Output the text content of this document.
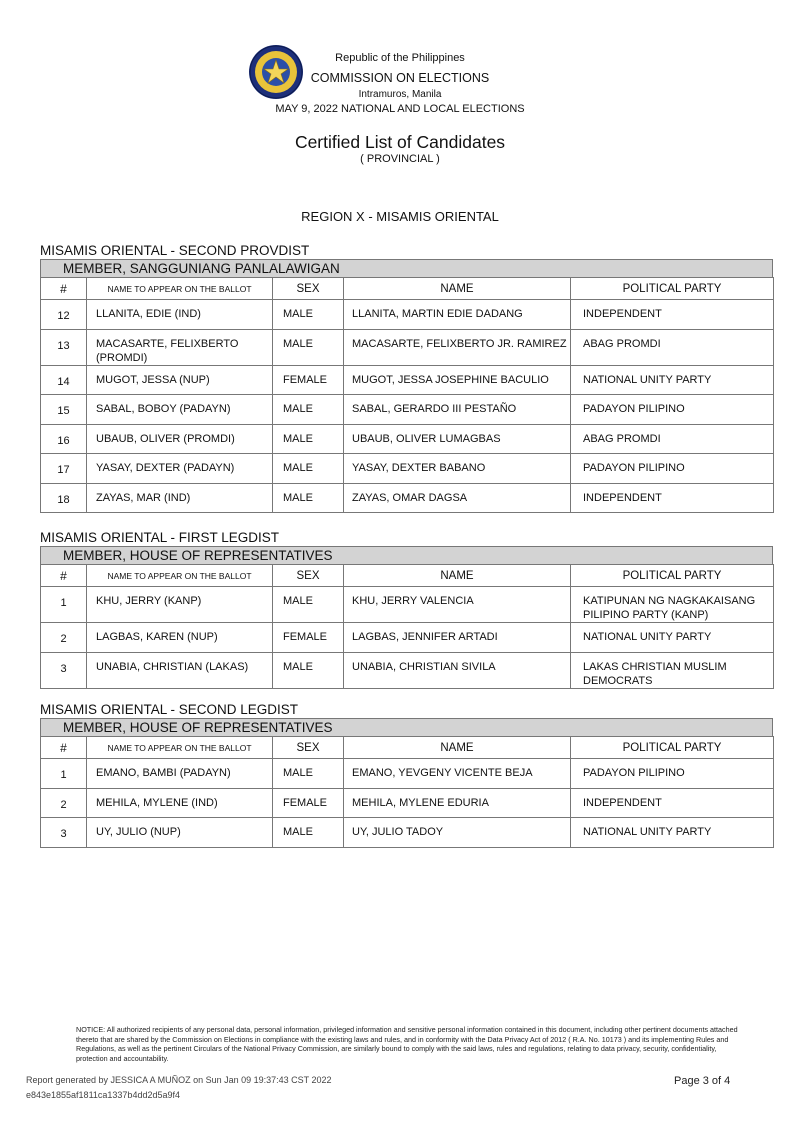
Republic of the Philippines
COMMISSION ON ELECTIONS
Intramuros, Manila
MAY 9, 2022 NATIONAL AND LOCAL ELECTIONS
Certified List of Candidates
( PROVINCIAL )
REGION X - MISAMIS ORIENTAL
MISAMIS ORIENTAL - SECOND PROVDIST
MEMBER, SANGGUNIANG PANLALAWIGAN
#	NAME TO APPEAR ON THE BALLOT	SEX	NAME	POLITICAL PARTY
12	LLANITA, EDIE (IND)	MALE	LLANITA, MARTIN EDIE DADANG	INDEPENDENT
13	MACASARTE, FELIXBERTO (PROMDI)	MALE	MACASARTE, FELIXBERTO JR. RAMIREZ	ABAG PROMDI
14	MUGOT, JESSA (NUP)	FEMALE	MUGOT, JESSA JOSEPHINE BACULIO	NATIONAL UNITY PARTY
15	SABAL, BOBOY (PADAYN)	MALE	SABAL, GERARDO III PESTAÑO	PADAYON PILIPINO
16	UBAUB, OLIVER (PROMDI)	MALE	UBAUB, OLIVER LUMAGBAS	ABAG PROMDI
17	YASAY, DEXTER (PADAYN)	MALE	YASAY, DEXTER BABANO	PADAYON PILIPINO
18	ZAYAS, MAR (IND)	MALE	ZAYAS, OMAR DAGSA	INDEPENDENT
MISAMIS ORIENTAL - FIRST LEGDIST
MEMBER, HOUSE OF REPRESENTATIVES
#	NAME TO APPEAR ON THE BALLOT	SEX	NAME	POLITICAL PARTY
1	KHU, JERRY (KANP)	MALE	KHU, JERRY VALENCIA	KATIPUNAN NG NAGKAKAISANG PILIPINO PARTY (KANP)
2	LAGBAS, KAREN (NUP)	FEMALE	LAGBAS, JENNIFER ARTADI	NATIONAL UNITY PARTY
3	UNABIA, CHRISTIAN (LAKAS)	MALE	UNABIA, CHRISTIAN SIVILA	LAKAS CHRISTIAN MUSLIM DEMOCRATS
MISAMIS ORIENTAL - SECOND LEGDIST
MEMBER, HOUSE OF REPRESENTATIVES
#	NAME TO APPEAR ON THE BALLOT	SEX	NAME	POLITICAL PARTY
1	EMANO, BAMBI (PADAYN)	MALE	EMANO, YEVGENY VICENTE BEJA	PADAYON PILIPINO
2	MEHILA, MYLENE (IND)	FEMALE	MEHILA, MYLENE EDURIA	INDEPENDENT
3	UY, JULIO (NUP)	MALE	UY, JULIO TADOY	NATIONAL UNITY PARTY
NOTICE: All authorized recipients of any personal data, personal information, privileged information and sensitive personal information contained in this document, including other pertinent documents attached thereto that are shared by the Commission on Elections in compliance with the existing laws and rules, and in conformity with the Data Privacy Act of 2012 ( R.A. No. 10173 ) and its implementing Rules and Regulations, as well as the pertinent Circulars of the National Privacy Commission, are similarly bound to comply with the said laws, rules and regulations, relating to data privacy, security, confidentiality, protection and accountability.
Report generated by JESSICA A MUÑOZ on Sun Jan 09 19:37:43 CST 2022
e843e1855af1811ca1337b4dd2d5a9f4
Page 3 of 4
